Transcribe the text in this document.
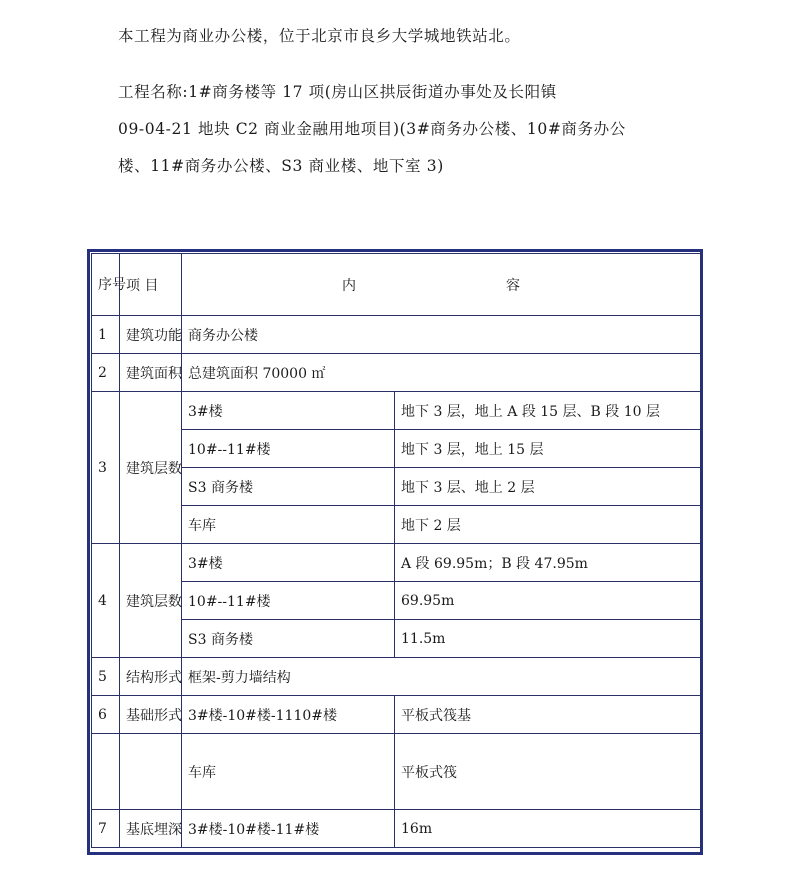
本工程为商业办公楼，位于北京市良乡大学城地铁站北。

工程名称:1#商务楼等 17 项(房山区拱辰街道办事处及长阳镇
09-04-21 地块 C2 商业金融用地项目)(3#商务办公楼、10#商务办公
楼、11#商务办公楼、S3 商业楼、地下室 3)

序号	项 目	内 容	
1	建筑功能	商务办公楼	
2	建筑面积	总建筑面积 70000 ㎡	
3	建筑层数	3#楼	地下 3 层，地上 A 段 15 层、B 段 10 层
		10#--11#楼	地下 3 层，地上 15 层
		S3 商务楼	地下 3 层、地上 2 层
		车库	地下 2 层
4	建筑层数	3#楼	A 段 69.95m；B 段 47.95m
		10#--11#楼	69.95m
		S3 商务楼	11.5m
5	结构形式	框架-剪力墙结构	
6	基础形式	3#楼-10#楼-1110#楼	平板式筏基
		车库	平板式筏
7	基底埋深	3#楼-10#楼-11#楼	16m
